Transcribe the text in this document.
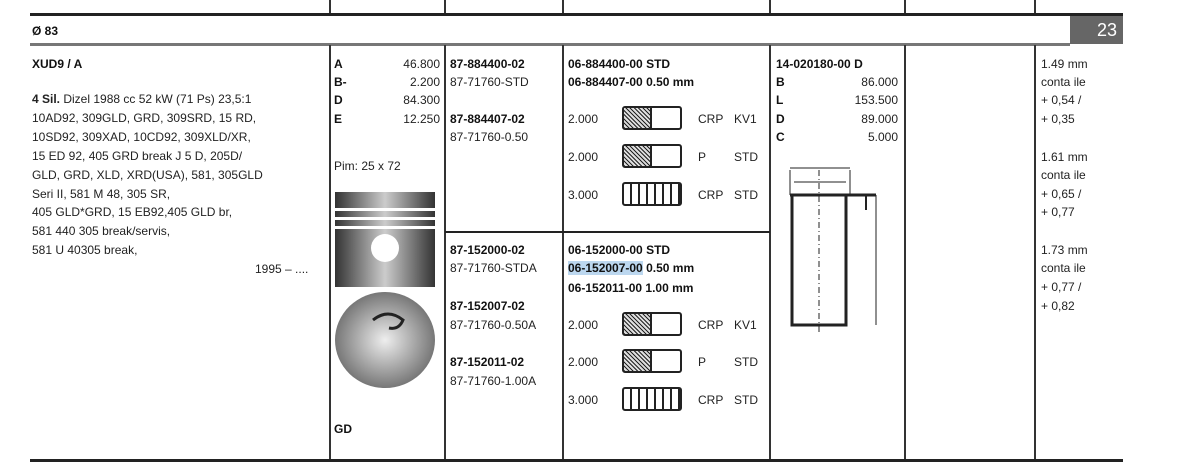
Ø 83	23
XUD9 / A
4 Sil. Dizel 1988 cc 52 kW (71 Ps) 23,5:1
10AD92, 309GLD, GRD, 309SRD, 15 RD,
10SD92, 309XAD, 10CD92, 309XLD/XR,
15 ED 92, 405 GRD break J 5 D, 205D/
GLD, GRD, XLD, XRD(USA), 581, 305GLD
Seri II, 581 M 48, 305 SR,
405 GLD*GRD, 15 EB92,405 GLD br,
581 440 305 break/servis,
581 U 40305 break,
1995 – ....
A	46.800
B-	2.200
D	84.300
E	12.250
Pim: 25 x 72
GD
87-884400-02
87-71760-STD
87-884407-02
87-71760-0.50
87-152000-02
87-71760-STDA
87-152007-02
87-71760-0.50A
87-152011-02
87-71760-1.00A
06-884400-00 STD
06-884407-00 0.50 mm
2.000	CRP KV1
2.000	P STD
3.000	CRP STD
06-152000-00 STD
06-152007-00 0.50 mm
06-152011-00 1.00 mm
2.000	CRP KV1
2.000	P STD
3.000	CRP STD
14-020180-00 D
B	86.000
L	153.500
D	89.000
C	5.000
1.49 mm
conta ile
+ 0,54 /
+ 0,35
1.61 mm
conta ile
+ 0,65 /
+ 0,77
1.73 mm
conta ile
+ 0,77 /
+ 0,82
